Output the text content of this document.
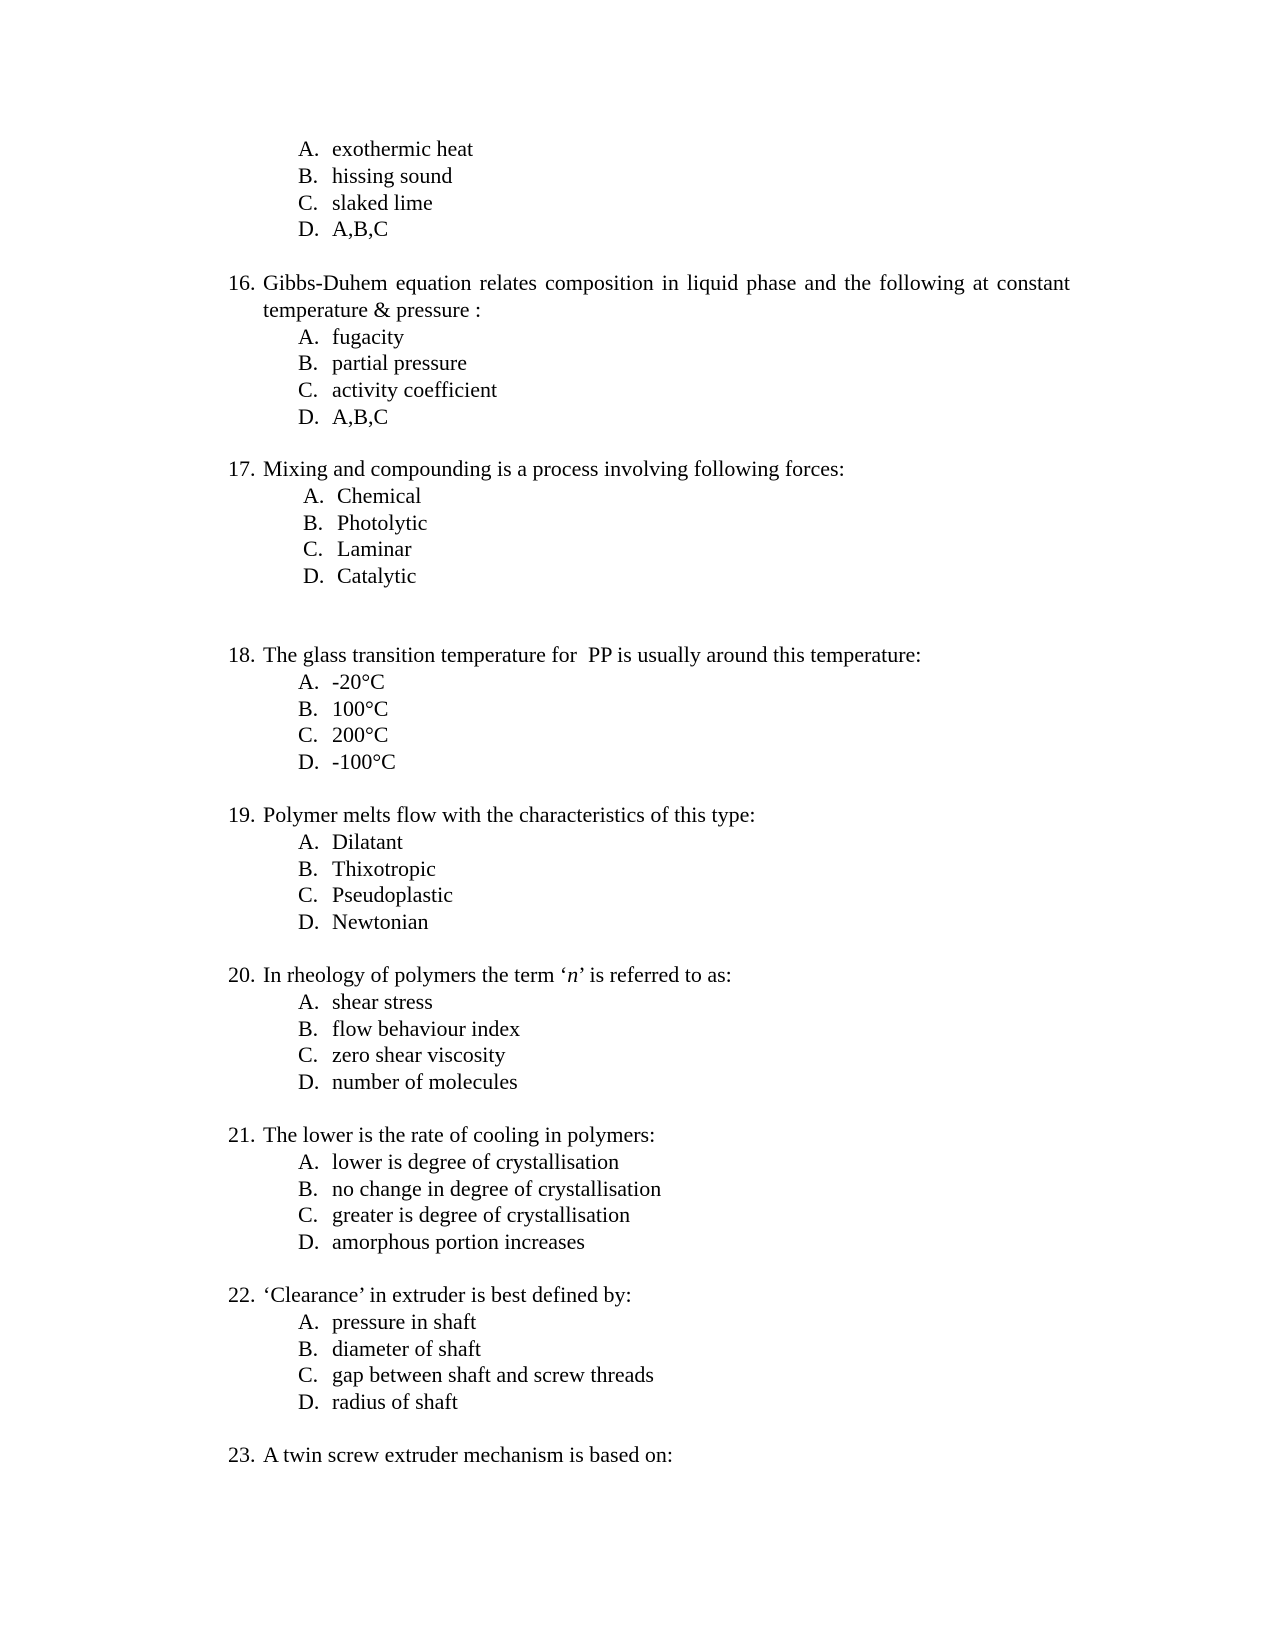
A. exothermic heat
B. hissing sound
C. slaked lime
D. A,B,C
16. Gibbs-Duhem equation relates composition in liquid phase and the following at constant temperature & pressure :
A. fugacity
B. partial pressure
C. activity coefficient
D. A,B,C
17. Mixing and compounding is a process involving following forces:
A. Chemical
B. Photolytic
C. Laminar
D. Catalytic
18. The glass transition temperature for  PP is usually around this temperature:
A. -20°C
B. 100°C
C. 200°C
D. -100°C
19. Polymer melts flow with the characteristics of this type:
A. Dilatant
B. Thixotropic
C. Pseudoplastic
D. Newtonian
20. In rheology of polymers the term ‘n’ is referred to as:
A. shear stress
B. flow behaviour index
C. zero shear viscosity
D. number of molecules
21. The lower is the rate of cooling in polymers:
A. lower is degree of crystallisation
B. no change in degree of crystallisation
C. greater is degree of crystallisation
D. amorphous portion increases
22. ‘Clearance’ in extruder is best defined by:
A. pressure in shaft
B. diameter of shaft
C. gap between shaft and screw threads
D. radius of shaft
23. A twin screw extruder mechanism is based on:
